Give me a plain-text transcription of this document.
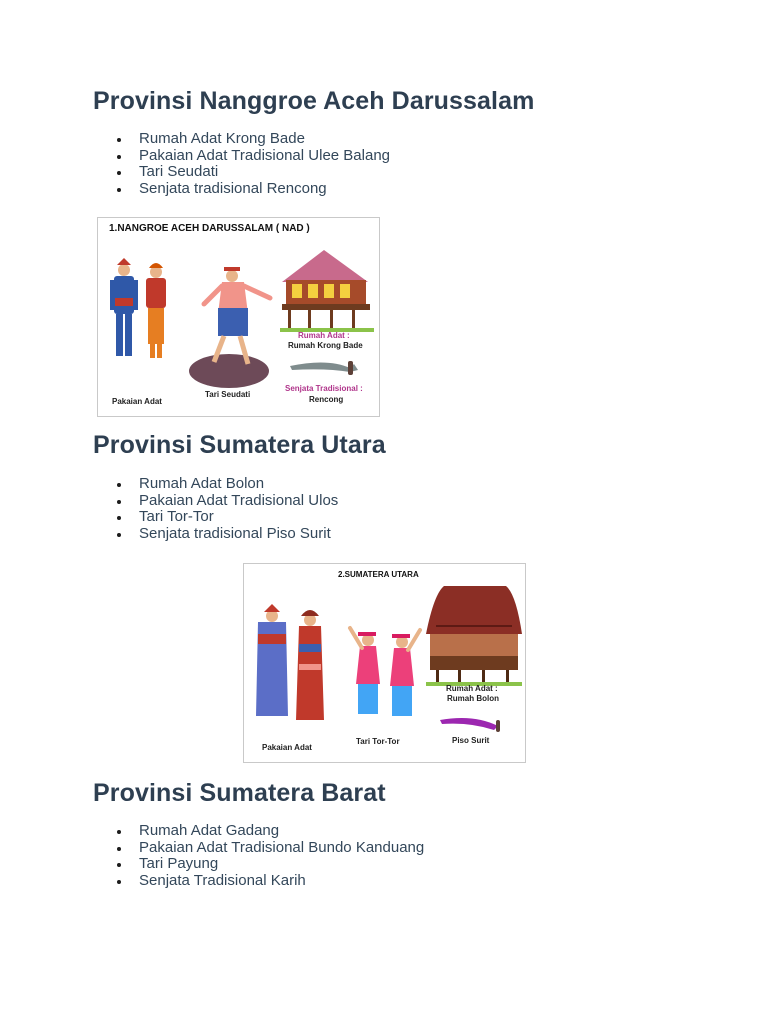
Provinsi Nanggroe Aceh Darussalam
Rumah Adat Krong Bade
Pakaian Adat Tradisional Ulee Balang
Tari Seudati
Senjata tradisional Rencong
1.NANGROE ACEH DARUSSALAM ( NAD )
Pakaian Adat
Tari Seudati
Rumah Adat :
Rumah Krong Bade
Senjata Tradisional :
Rencong
Provinsi Sumatera Utara
Rumah Adat Bolon
Pakaian Adat Tradisional Ulos
Tari Tor-Tor
Senjata tradisional Piso Surit
2.SUMATERA UTARA
Pakaian Adat
Tari Tor-Tor
Rumah Adat :
Rumah Bolon
Piso Surit
Provinsi Sumatera Barat
Rumah Adat Gadang
Pakaian Adat Tradisional Bundo Kanduang
Tari Payung
Senjata Tradisional Karih
